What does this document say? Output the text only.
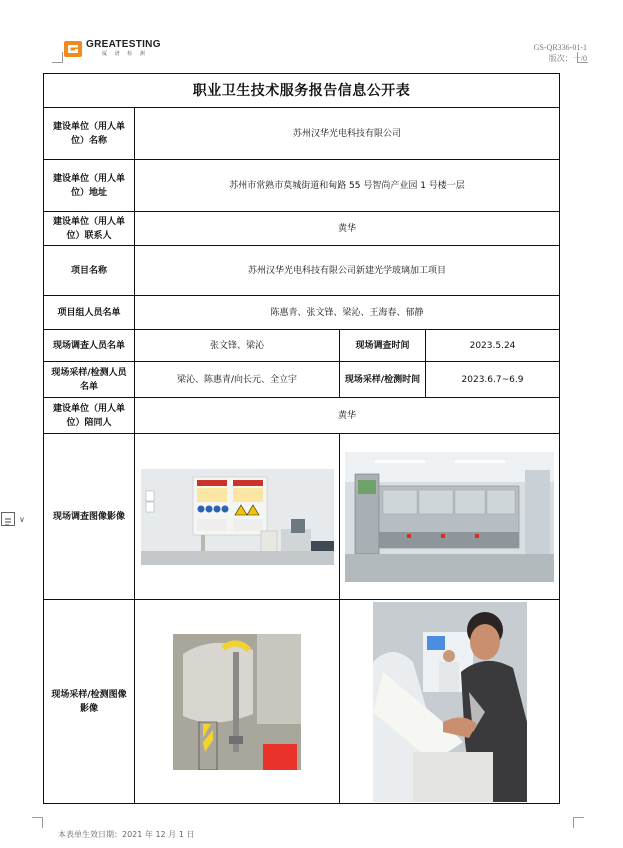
GREATESTING
厦 谱 检 测
GS-QR336-01-1
版次：一/0
职业卫生技术服务报告信息公开表			
建设单位（用人单位）名称	苏州汉华光电科技有限公司		
建设单位（用人单位）地址	苏州市常熟市莫城街道和甸路 55 号智尚产业园 1 号楼一层		
建设单位（用人单位）联系人	黄华		
项目名称	苏州汉华光电科技有限公司新建光学玻璃加工项目		
项目组人员名单	陈惠青、张文锋、梁沁、王海春、郁静		
现场调查人员名单	张文锋、梁沁	现场调查时间	2023.5.24
现场采样/检测人员名单	梁沁、陈惠青/向长元、全立宇	现场采样/检测时间	2023.6.7~6.9
建设单位（用人单位）陪同人	黄华		
现场调查图像影像	

现场采样/检测图像影像	

∨
本表单生效日期：2021 年 12 月 1 日
